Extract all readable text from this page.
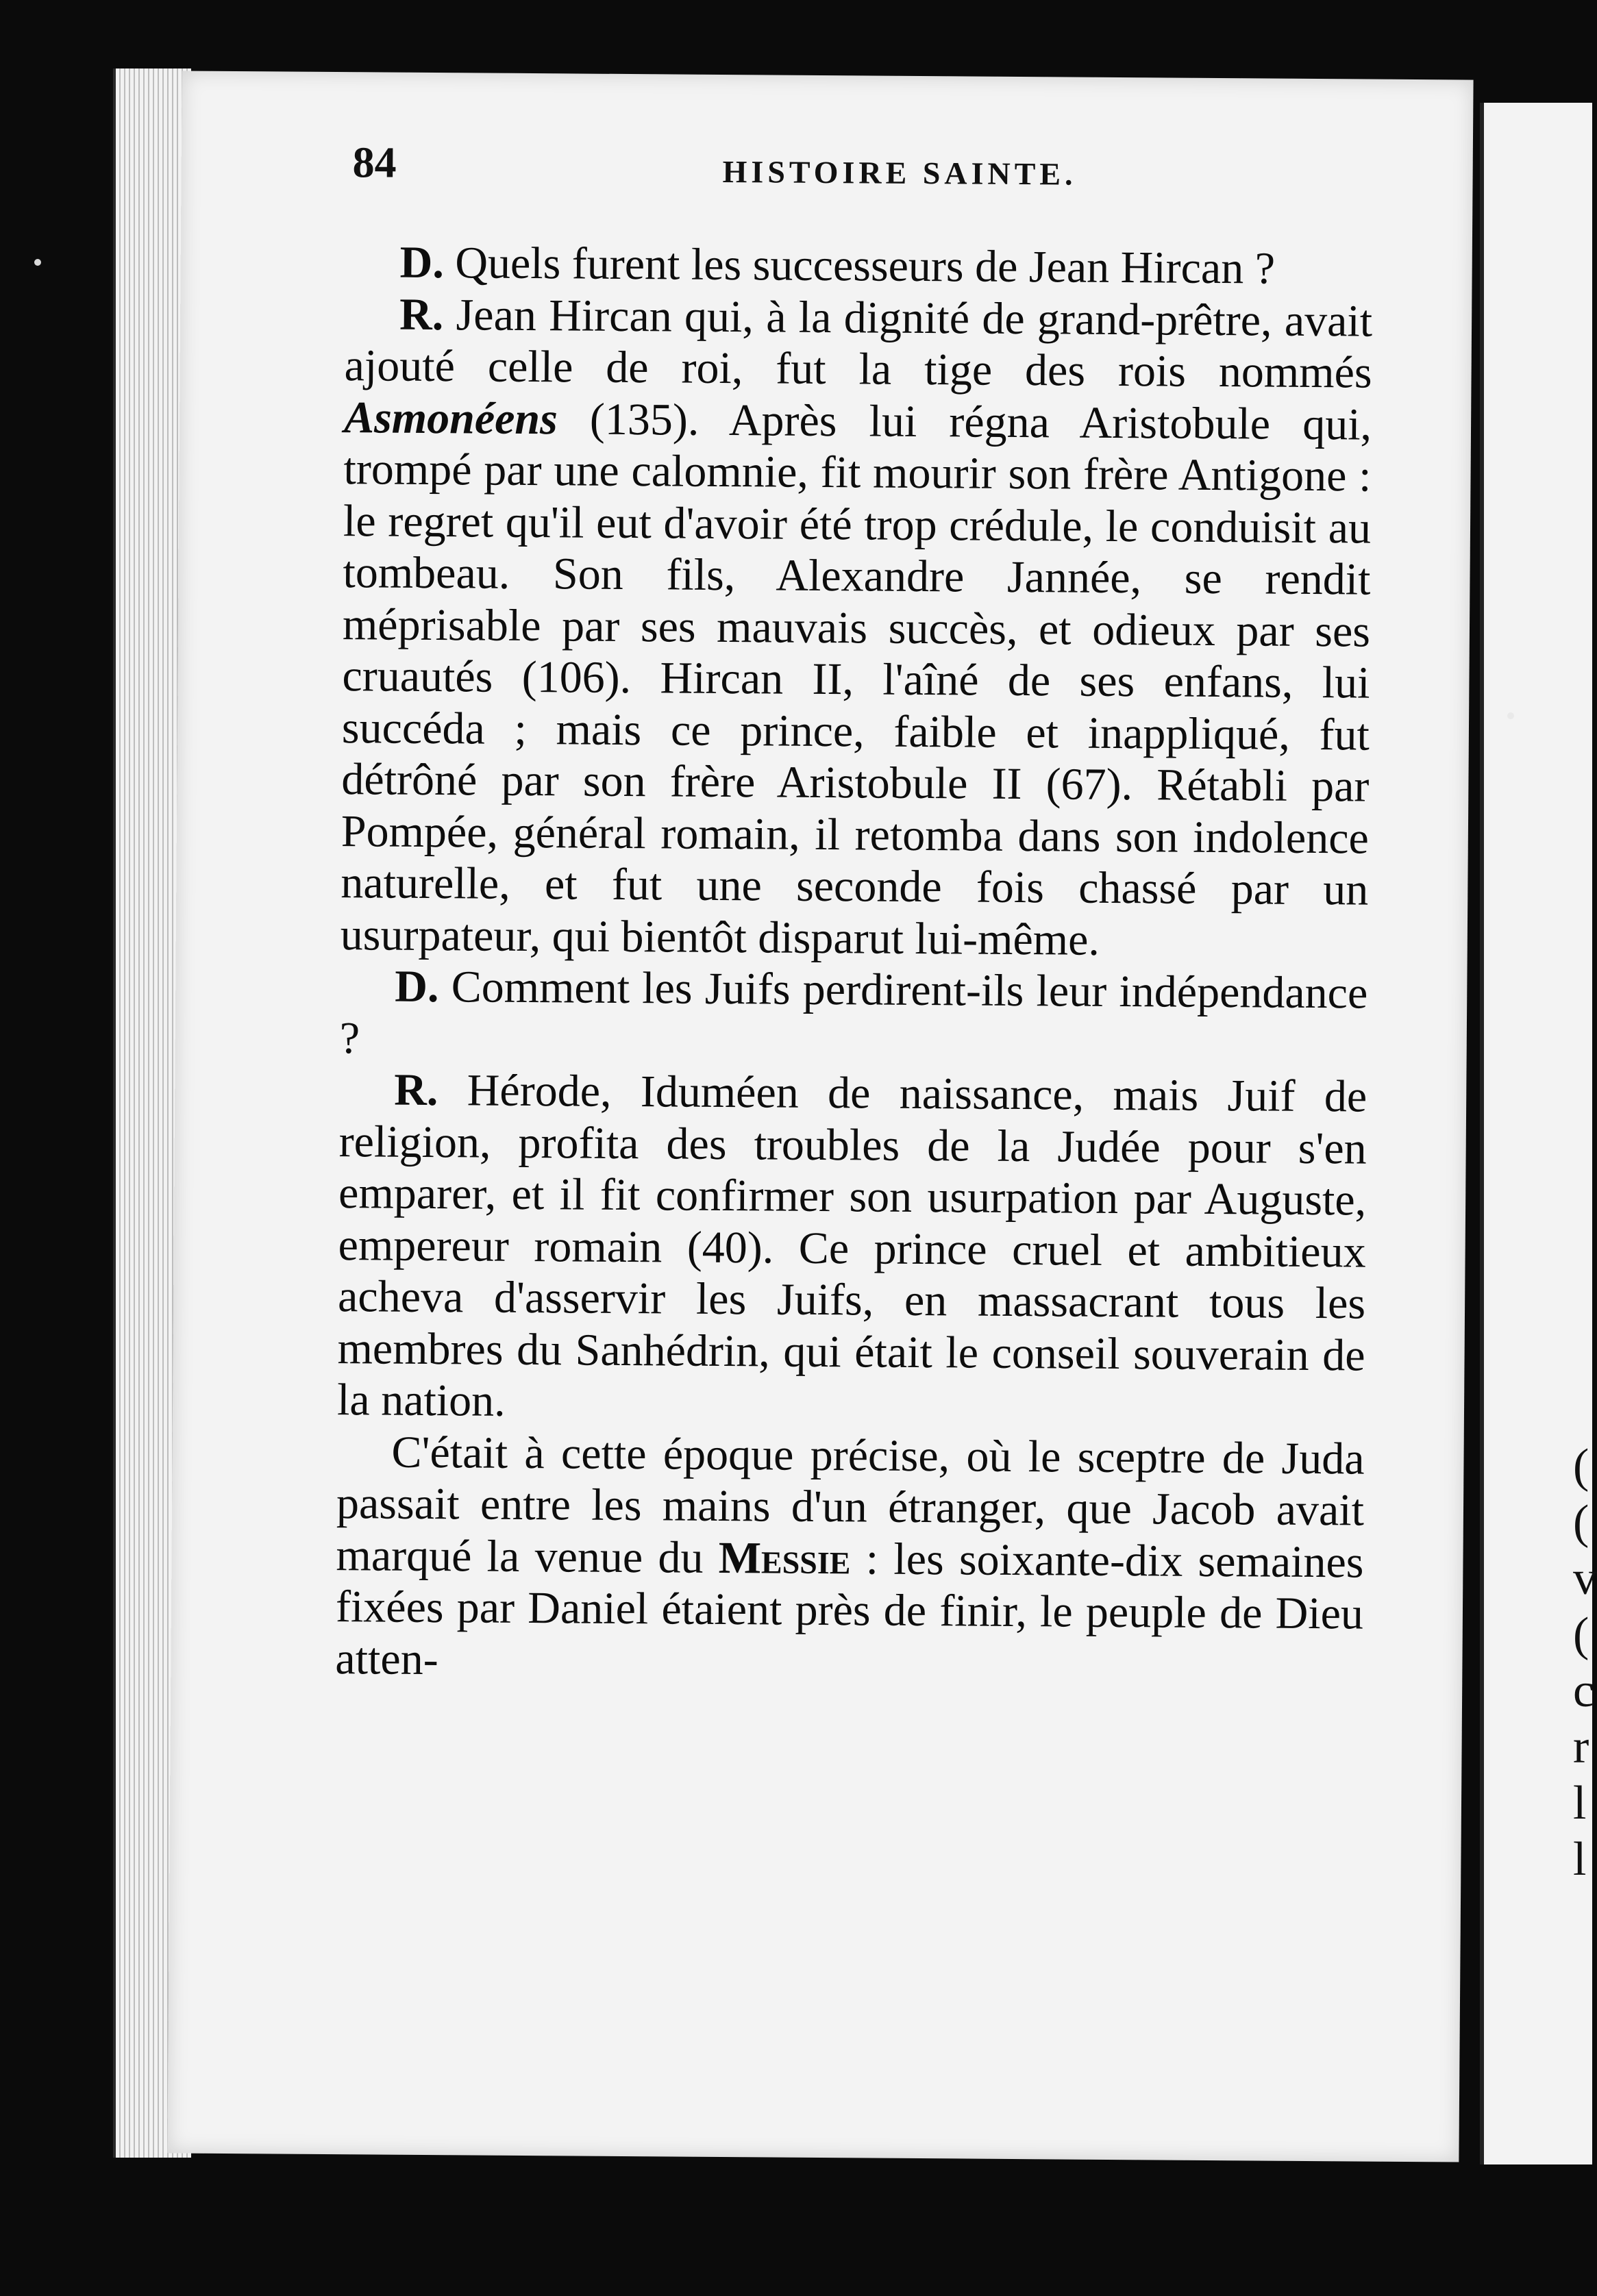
84	HISTOIRE SAINTE.

D. Quels furent les successeurs de Jean Hircan ?

R. Jean Hircan qui, à la dignité de grand-prêtre, avait ajouté celle de roi, fut la tige des rois nommés Asmonéens (135). Après lui régna Aristobule qui, trompé par une calomnie, fit mourir son frère Antigone : le regret qu'il eut d'avoir été trop crédule, le conduisit au tombeau. Son fils, Alexandre Jannée, se rendit méprisable par ses mauvais succès, et odieux par ses cruautés (106). Hircan II, l'aîné de ses enfans, lui succéda ; mais ce prince, faible et inappliqué, fut détrôné par son frère Aristobule II (67). Rétabli par Pompée, général romain, il retomba dans son indolence naturelle, et fut une seconde fois chassé par un usurpateur, qui bientôt disparut lui-même.

D. Comment les Juifs perdirent-ils leur indépendance ?

R. Hérode, Iduméen de naissance, mais Juif de religion, profita des troubles de la Judée pour s'en emparer, et il fit confirmer son usurpation par Auguste, empereur romain (40). Ce prince cruel et ambitieux acheva d'asservir les Juifs, en massacrant tous les membres du Sanhédrin, qui était le conseil souverain de la nation.

C'était à cette époque précise, où le sceptre de Juda passait entre les mains d'un étranger, que Jacob avait marqué la venue du Messie : les soixante-dix semaines fixées par Daniel étaient près de finir, le peuple de Dieu atten-

(
(
v
(
c
r
l
l
